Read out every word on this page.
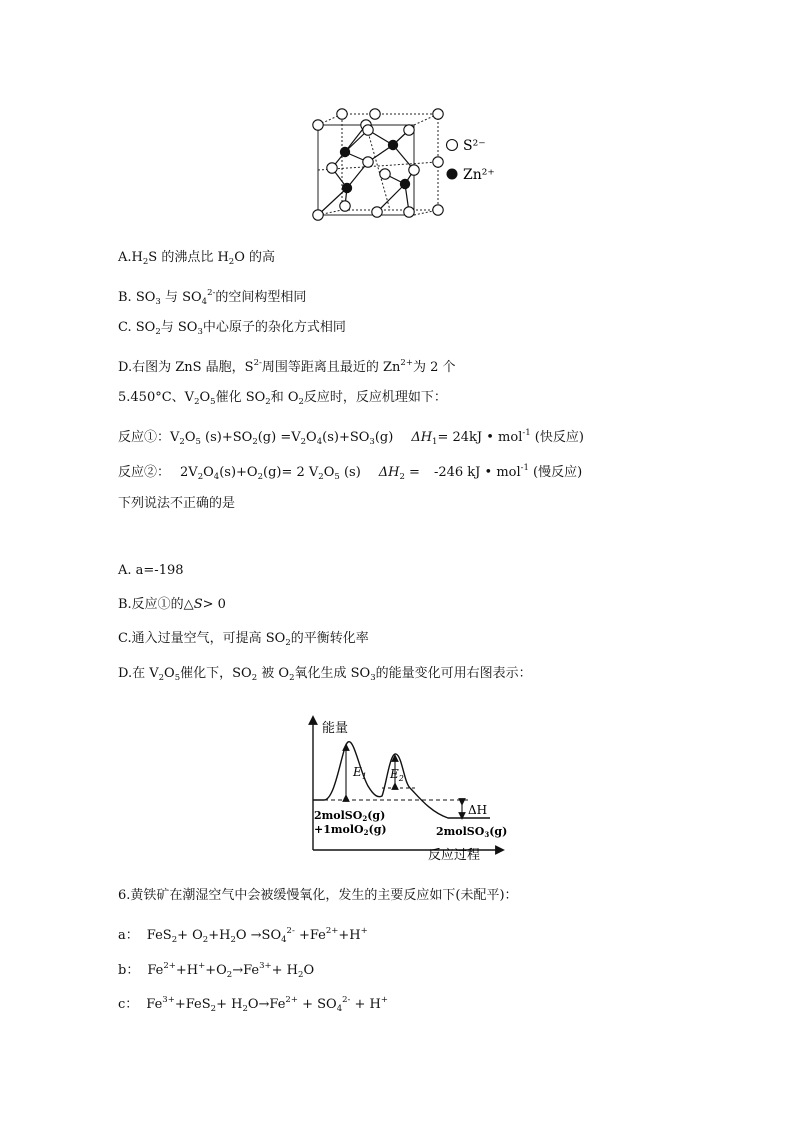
S²⁻
Zn²⁺
$A.H_2S$ 的沸点比 $H_2O$ 的高
B. $SO_3$ 与 $SO_4^{2-}$的空间构型相同
C. $SO_2$与 $SO_3$中心原子的杂化方式相同
D.右图为 ZnS 晶胞，$S^{2-}$周围等距离且最近的 $Zn^{2+}$为 2 个
5.450°C、$V_2O_5$催化 $SO_2$和 $O_2$反应时，反应机理如下：
反应①：$V_2O_5$ $(s)+SO_2(g) =V_2O_4(s)+SO_3(g)$ $\Delta H_1= 24kJ$ • mol$^{-1}$ (快反应)
反应②： $2V_2O_4(s)+O_2(g)= 2$ $V_2O_5$ (s) $\Delta H_2 = -246$ kJ • mol$^{-1}$ (慢反应)
下列说法不正确的是
A. a=-198
B.反应①的△S> 0
C.通入过量空气，可提高 $SO_2$的平衡转化率
D.在 $V_2O_5$催化下，$SO_2$ 被 $O_2$氧化生成 $SO_3$的能量变化可用右图表示：
能量
反应过程
$E_1$ $E_2$
ΔH
2molSO2(g)
+1molO2(g)	2molSO3(g)
6.黄铁矿在潮湿空气中会被缓慢氧化，发生的主要反应如下(未配平)：
a： $FeS_2+ O_2+H_2O \to SO_4^{2-} +Fe^{2+}+H^+$
b： $Fe^{2+}+H^++O_2\to Fe^{3+}+ H_2O$
c： $Fe^{3+}+FeS_2+ H_2O\to Fe^{2+} + SO_4^{2-} + H^+$
